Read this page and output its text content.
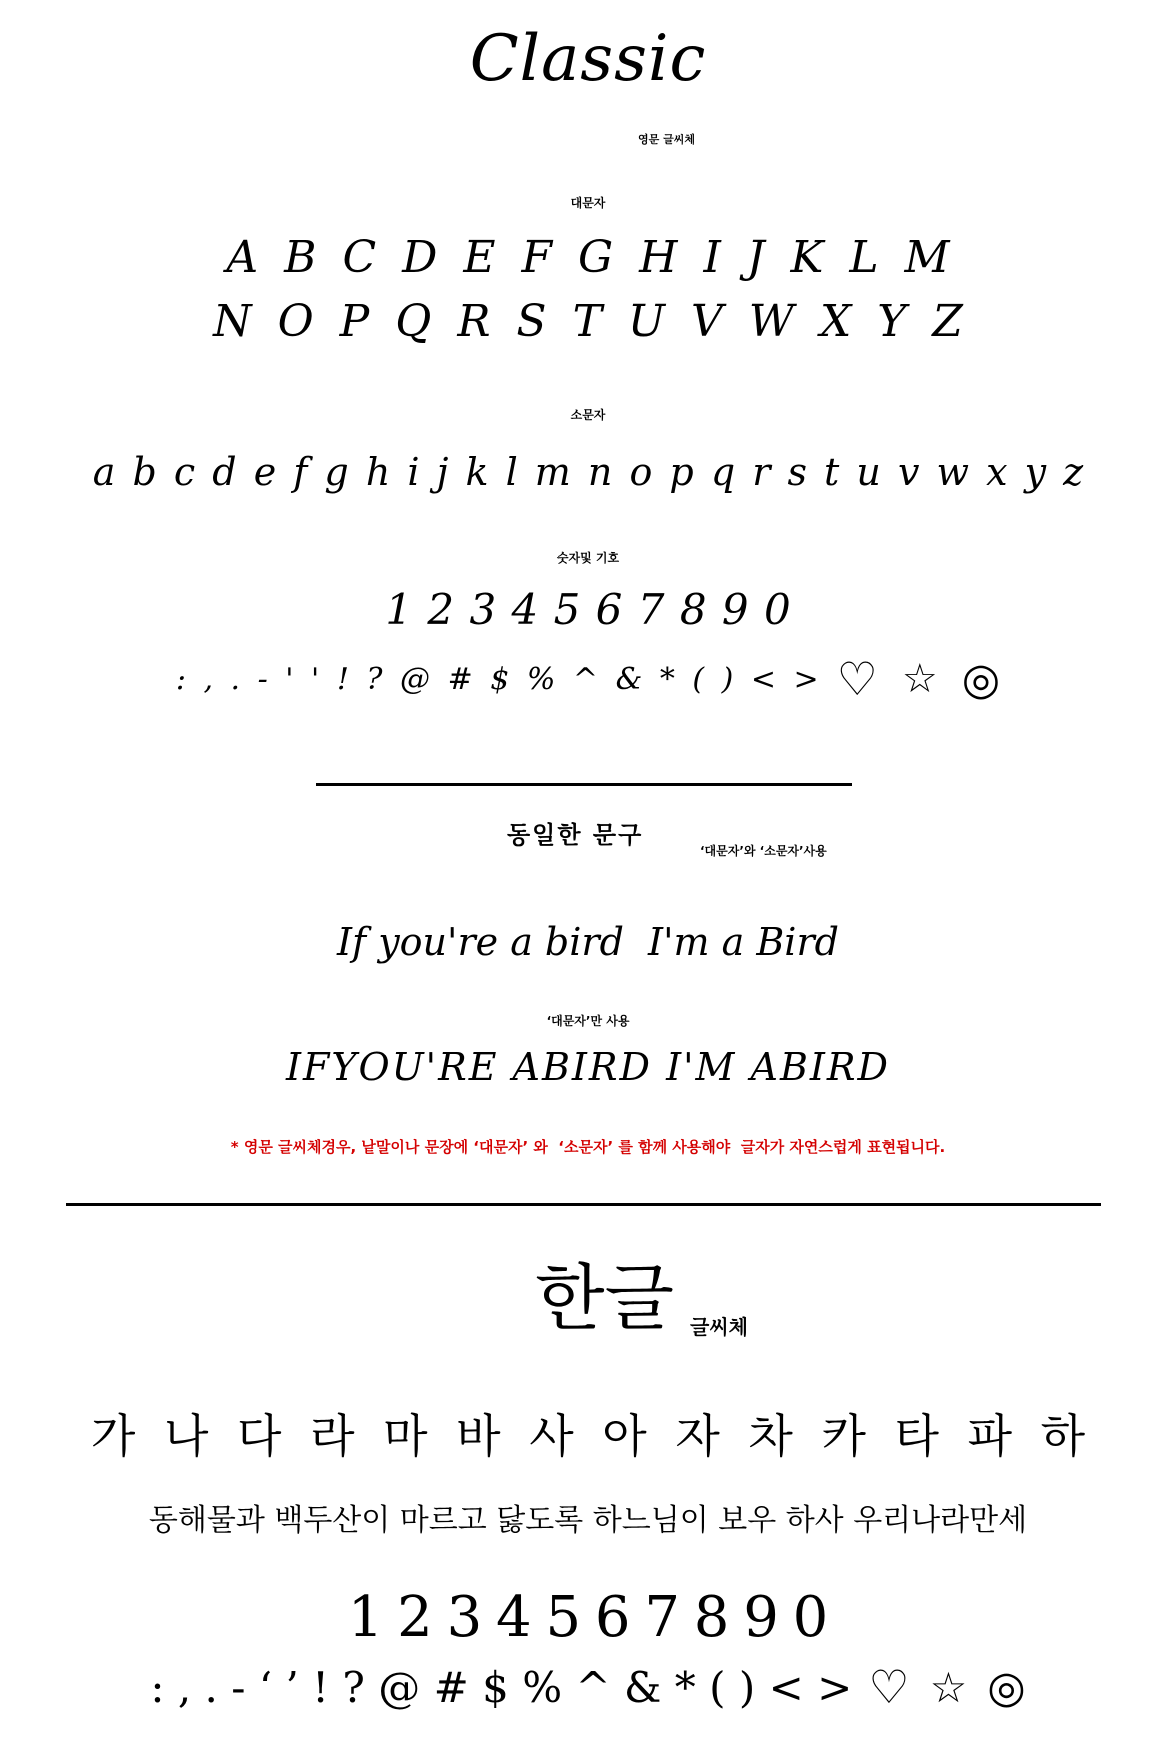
Classic
영문 글씨체
대문자
A B C D E F G H I J K L M
N O P Q R S T U V W X Y Z
소문자
a b c d e f g h i j k l m n o p q r s t u v w x y z
숫자및 기호
1 2 3 4 5 6 7 8 9 0
: , . - ' ' ! ? @ # $ % ^ & * ( ) < > ♡ ☆ ◎
동일한 문구
‘대문자’와 ‘소문자’사용
If you're a bird  I'm a Bird
‘대문자’만 사용
IFYOU'RE ABIRD I'M ABIRD
* 영문 글씨체경우, 낱말이나 문장에 ‘대문자’ 와  ‘소문자’ 를 함께 사용해야  글자가 자연스럽게 표현됩니다.
한글 글씨체
가 나 다 라 마 바 사 아 자 차 카 타 파 하
동해물과 백두산이 마르고 닳도록 하느님이 보우 하사 우리나라만세
1 2 3 4 5 6 7 8 9 0
: , . - ‘ ’ ! ? @ # $ % ^ & * ( ) < > ♡ ☆ ◎
